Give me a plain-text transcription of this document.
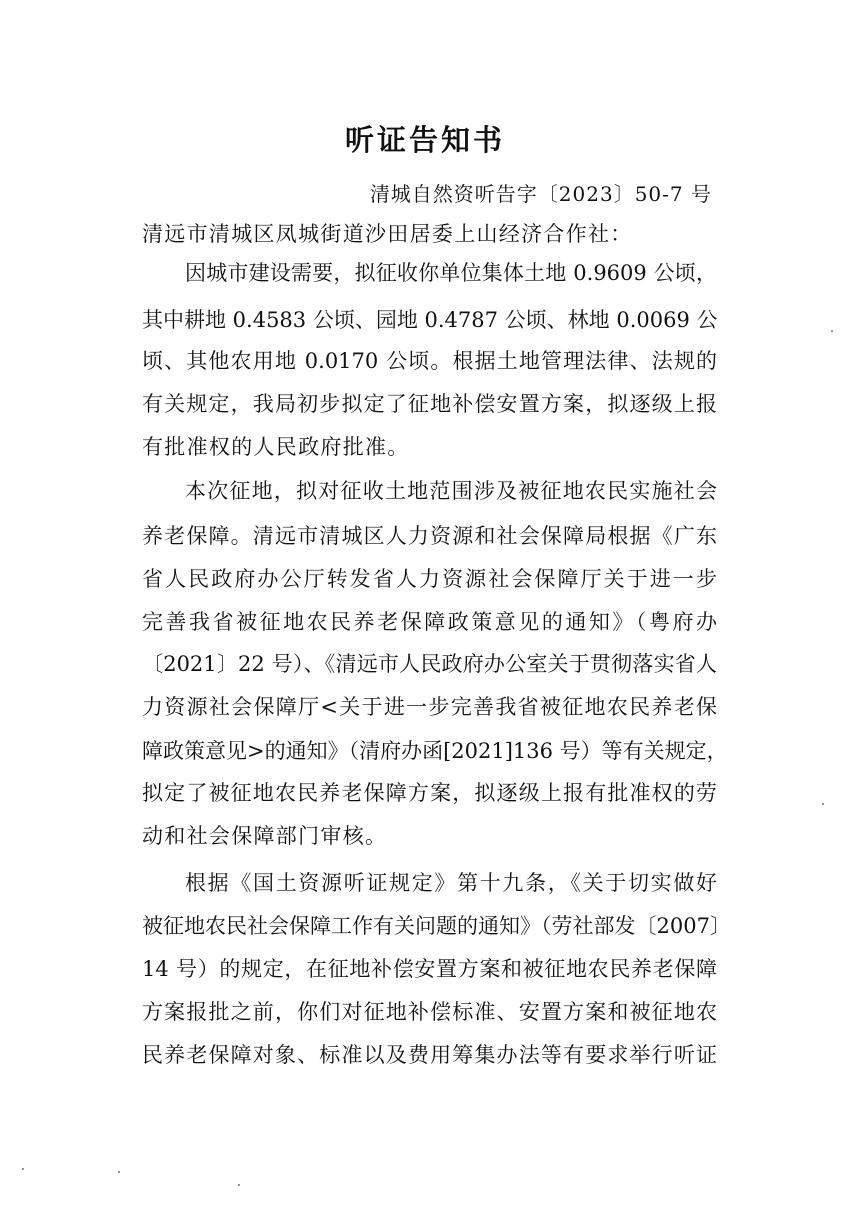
听证告知书
清城自然资听告字〔2023〕50-7 号
清远市清城区凤城街道沙田居委上山经济合作社：
因城市建设需要，拟征收你单位集体土地 0.9609 公顷，
其中耕地 0.4583 公顷、园地 0.4787 公顷、林地 0.0069 公
顷、其他农用地 0.0170 公顷。根据土地管理法律、法规的
有关规定，我局初步拟定了征地补偿安置方案，拟逐级上报
有批准权的人民政府批准。
本次征地，拟对征收土地范围涉及被征地农民实施社会
养老保障。清远市清城区人力资源和社会保障局根据《广东
省人民政府办公厅转发省人力资源社会保障厅关于进一步
完善我省被征地农民养老保障政策意见的通知》（粤府办
〔2021〕22 号）、《清远市人民政府办公室关于贯彻落实省人
力资源社会保障厅<关于进一步完善我省被征地农民养老保
障政策意见>的通知》（清府办函[2021]136 号）等有关规定，
拟定了被征地农民养老保障方案，拟逐级上报有批准权的劳
动和社会保障部门审核。
根据《国土资源听证规定》第十九条，《关于切实做好
被征地农民社会保障工作有关问题的通知》（劳社部发〔2007〕
14 号）的规定，在征地补偿安置方案和被征地农民养老保障
方案报批之前，你们对征地补偿标准、安置方案和被征地农
民养老保障对象、标准以及费用筹集办法等有要求举行听证
